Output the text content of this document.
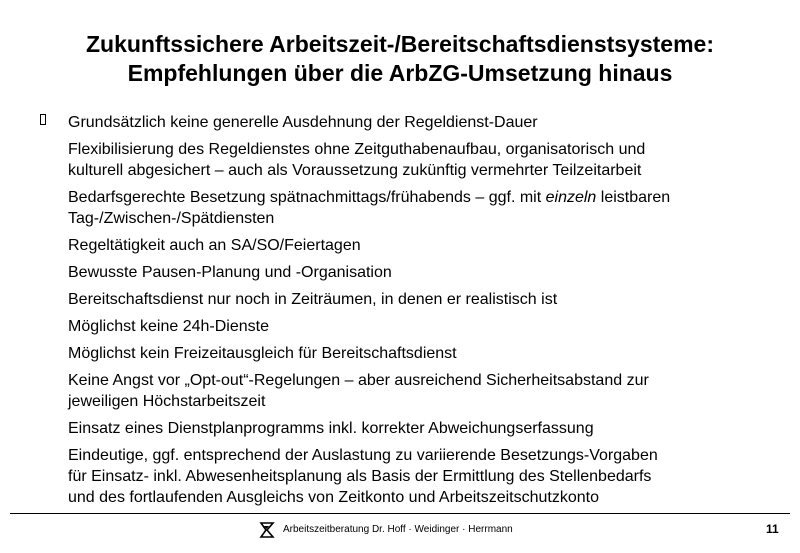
Zukunftssichere Arbeitszeit-/Bereitschaftsdienstsysteme:
Empfehlungen über die ArbZG-Umsetzung hinaus
Grundsätzlich keine generelle Ausdehnung der Regeldienst-Dauer
Flexibilisierung des Regeldienstes ohne Zeitguthabenaufbau, organisatorisch und
kulturell abgesichert – auch als Voraussetzung zukünftig vermehrter Teilzeitarbeit
Bedarfsgerechte Besetzung spätnachmittags/frühabends – ggf. mit einzeln leistbaren
Tag-/Zwischen-/Spätdiensten
Regeltätigkeit auch an SA/SO/Feiertagen
Bewusste Pausen-Planung und -Organisation
Bereitschaftsdienst nur noch in Zeiträumen, in denen er realistisch ist
Möglichst keine 24h-Dienste
Möglichst kein Freizeitausgleich für Bereitschaftsdienst
Keine Angst vor „Opt-out“-Regelungen – aber ausreichend Sicherheitsabstand zur
jeweiligen Höchstarbeitszeit
Einsatz eines Dienstplanprogramms inkl. korrekter Abweichungserfassung
Eindeutige, ggf. entsprechend der Auslastung zu variierende Besetzungs-Vorgaben
für Einsatz- inkl. Abwesenheitsplanung als Basis der Ermittlung des Stellenbedarfs
und des fortlaufenden Ausgleichs von Zeitkonto und Arbeitszeitschutzkonto
Arbeitszeitberatung Dr. Hoff · Weidinger · Herrmann	11
